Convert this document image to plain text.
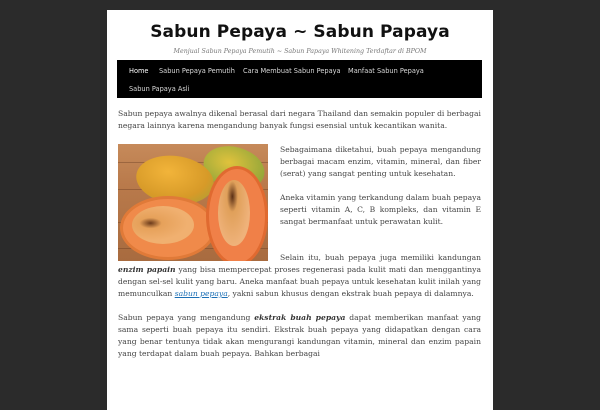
Sabun Pepaya ~ Sabun Papaya
Menjual Sabun Pepaya Pemutih ~ Sabun Papaya Whitening Terdaftar di BPOM
Home Sabun Pepaya Pemutih Cara Membuat Sabun Pepaya Manfaat Sabun Pepaya
Sabun Papaya Asli

Sabun pepaya awalnya dikenal berasal dari negara Thailand dan semakin populer di berbagai negara lainnya karena mengandung banyak fungsi esensial untuk kecantikan wanita.

Sebagaimana diketahui, buah pepaya mengandung berbagai macam enzim, vitamin, mineral, dan fiber (serat) yang sangat penting untuk kesehatan.

Aneka vitamin yang terkandung dalam buah pepaya seperti vitamin A, C, B kompleks, dan vitamin E sangat bermanfaat untuk perawatan kulit.

Selain itu, buah pepaya juga memiliki kandungan enzim papain yang bisa mempercepat proses regenerasi pada kulit mati dan menggantinya dengan sel-sel kulit yang baru. Aneka manfaat buah pepaya untuk kesehatan kulit inilah yang memunculkan sabun pepaya, yakni sabun khusus dengan ekstrak buah pepaya di dalamnya.

Sabun pepaya yang mengandung ekstrak buah pepaya dapat memberikan manfaat yang sama seperti buah pepaya itu sendiri. Ekstrak buah pepaya yang didapatkan dengan cara yang benar tentunya tidak akan mengurangi kandungan vitamin, mineral dan enzim papain yang terdapat dalam buah pepaya. Bahkan berbagai
